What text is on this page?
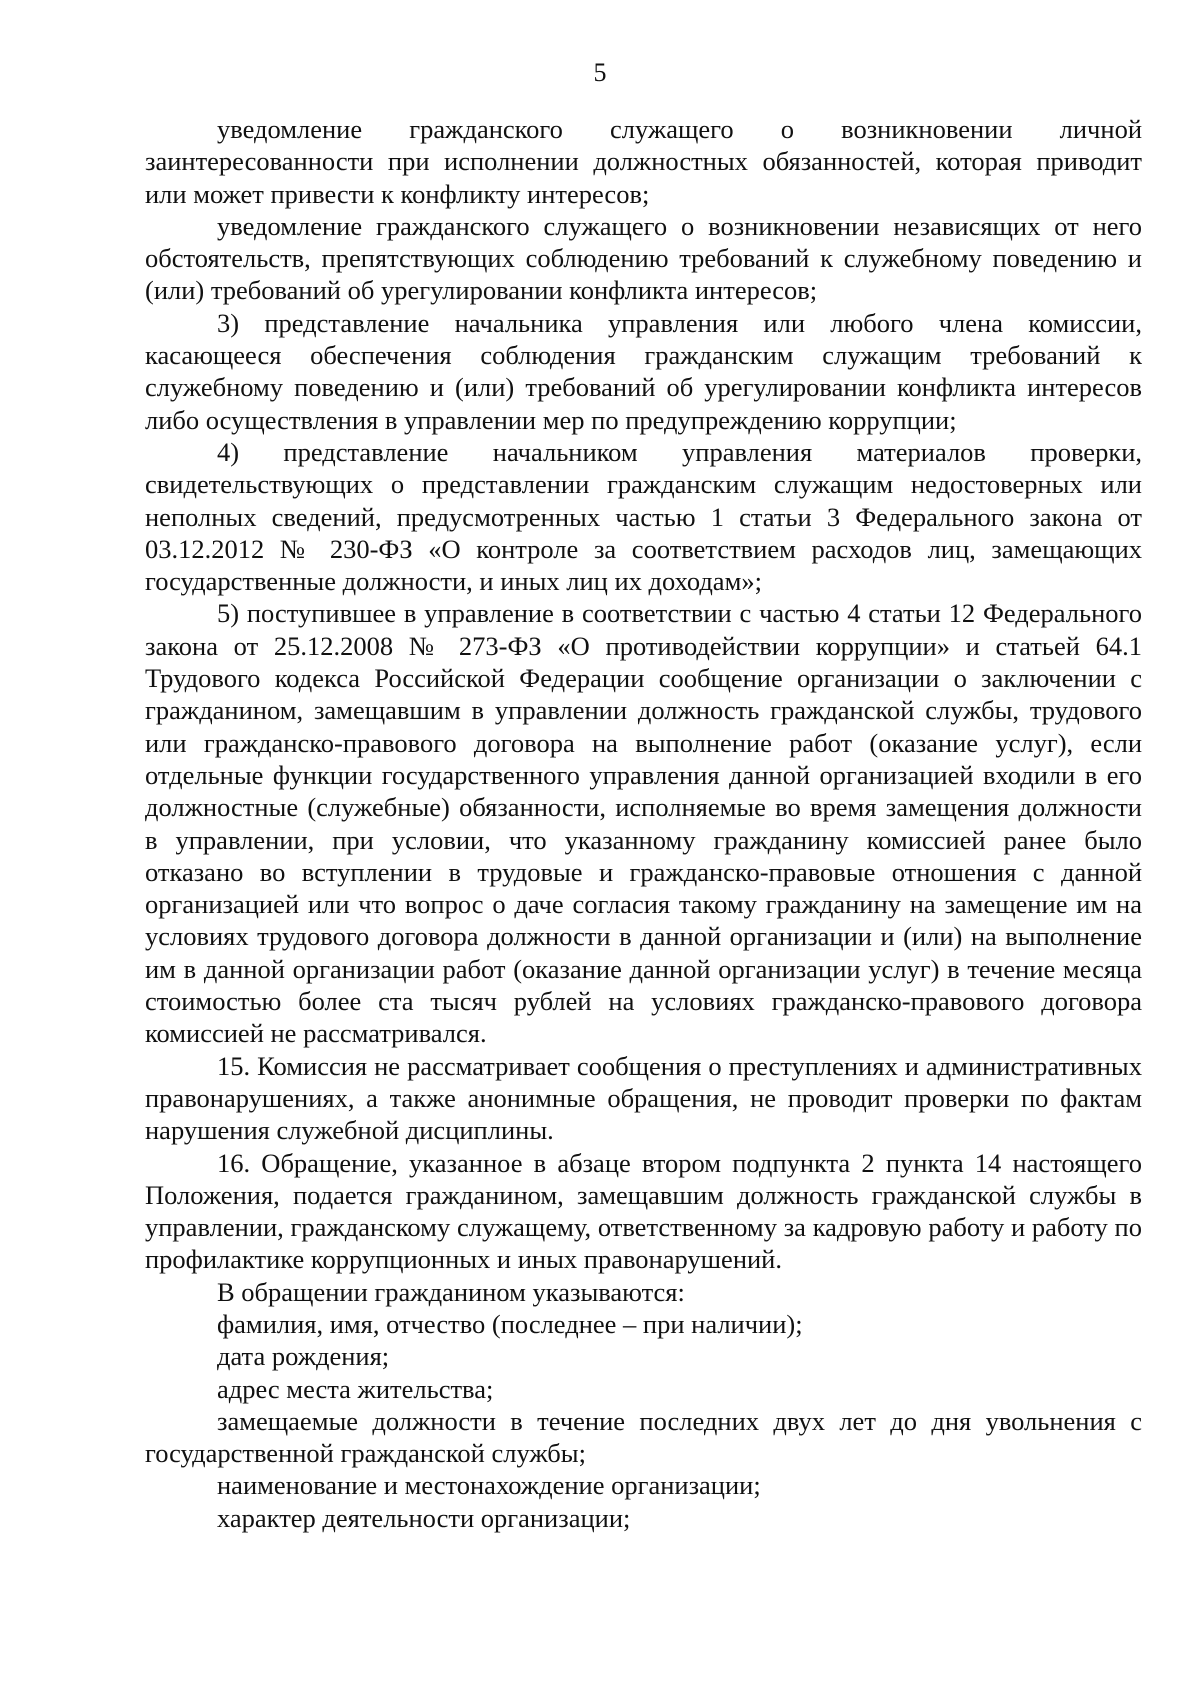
5

уведомление гражданского служащего о возникновении личной заинтересованности при исполнении должностных обязанностей, которая приводит или может привести к конфликту интересов;

уведомление гражданского служащего о возникновении независящих от него обстоятельств, препятствующих соблюдению требований к служебному поведению и (или) требований об урегулировании конфликта интересов;

3) представление начальника управления или любого члена комиссии, касающееся обеспечения соблюдения гражданским служащим требований к служебному поведению и (или) требований об урегулировании конфликта интересов либо осуществления в управлении мер по предупреждению коррупции;

4) представление начальником управления материалов проверки, свидетельствующих о представлении гражданским служащим недостоверных или неполных сведений, предусмотренных частью 1 статьи 3 Федерального закона от 03.12.2012 № 230-ФЗ «О контроле за соответствием расходов лиц, замещающих государственные должности, и иных лиц их доходам»;

5) поступившее в управление в соответствии с частью 4 статьи 12 Федерального закона от 25.12.2008 № 273-ФЗ «О противодействии коррупции» и статьей 64.1 Трудового кодекса Российской Федерации сообщение организации о заключении с гражданином, замещавшим в управлении должность гражданской службы, трудового или гражданско-правового договора на выполнение работ (оказание услуг), если отдельные функции государственного управления данной организацией входили в его должностные (служебные) обязанности, исполняемые во время замещения должности в управлении, при условии, что указанному гражданину комиссией ранее было отказано во вступлении в трудовые и гражданско-правовые отношения с данной организацией или что вопрос о даче согласия такому гражданину на замещение им на условиях трудового договора должности в данной организации и (или) на выполнение им в данной организации работ (оказание данной организации услуг) в течение месяца стоимостью более ста тысяч рублей на условиях гражданско-правового договора комиссией не рассматривался.

15. Комиссия не рассматривает сообщения о преступлениях и административных правонарушениях, а также анонимные обращения, не проводит проверки по фактам нарушения служебной дисциплины.

16. Обращение, указанное в абзаце втором подпункта 2 пункта 14 настоящего Положения, подается гражданином, замещавшим должность гражданской службы в управлении, гражданскому служащему, ответственному за кадровую работу и работу по профилактике коррупционных и иных правонарушений.

В обращении гражданином указываются:

фамилия, имя, отчество (последнее – при наличии);

дата рождения;

адрес места жительства;

замещаемые должности в течение последних двух лет до дня увольнения с государственной гражданской службы;

наименование и местонахождение организации;

характер деятельности организации;
